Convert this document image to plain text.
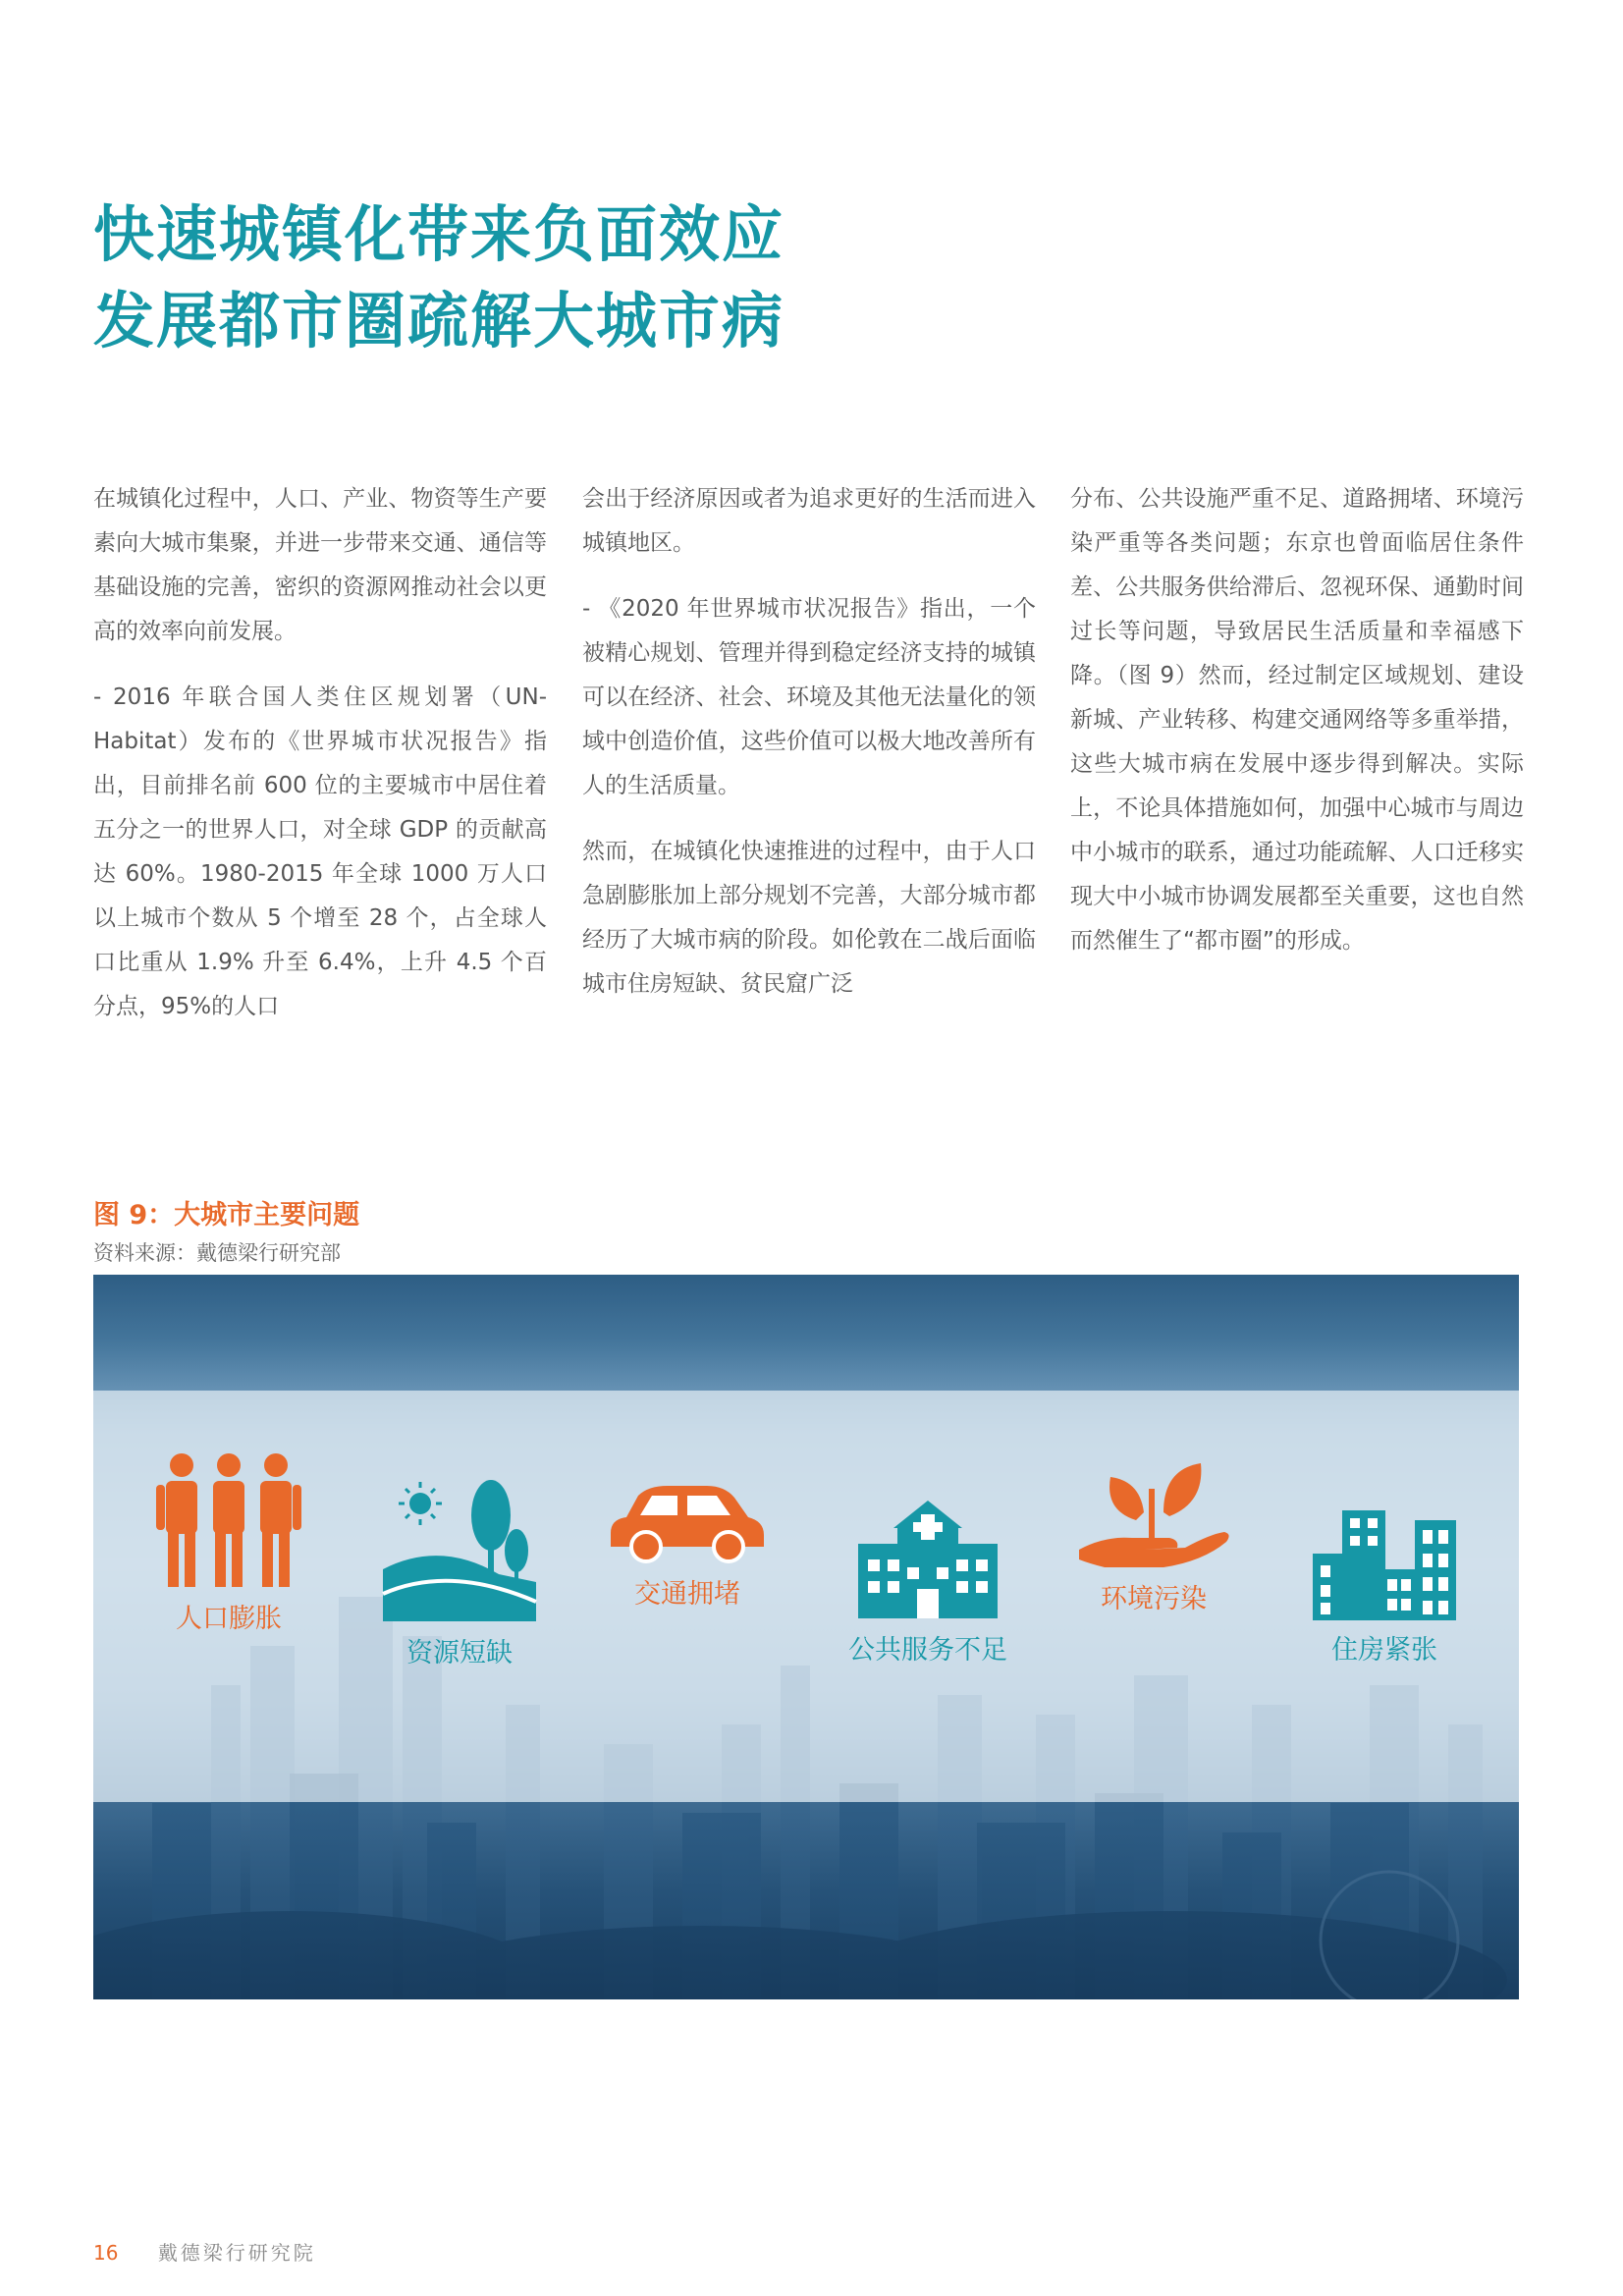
快速城镇化带来负面效应
发展都市圈疏解大城市病

在城镇化过程中，人口、产业、物资等生产要素向大城市集聚，并进一步带来交通、通信等基础设施的完善，密织的资源网推动社会以更高的效率向前发展。

- 2016 年联合国人类住区规划署（UN-Habitat）发布的《世界城市状况报告》指出，目前排名前 600 位的主要城市中居住着五分之一的世界人口，对全球 GDP 的贡献高达 60%。1980-2015 年全球 1000 万人口以上城市个数从 5 个增至 28 个，占全球人口比重从 1.9% 升至 6.4%，上升 4.5 个百分点，95%的人口

会出于经济原因或者为追求更好的生活而进入城镇地区。

- 《2020 年世界城市状况报告》指出，一个被精心规划、管理并得到稳定经济支持的城镇可以在经济、社会、环境及其他无法量化的领域中创造价值，这些价值可以极大地改善所有人的生活质量。

然而，在城镇化快速推进的过程中，由于人口急剧膨胀加上部分规划不完善，大部分城市都经历了大城市病的阶段。如伦敦在二战后面临城市住房短缺、贫民窟广泛

分布、公共设施严重不足、道路拥堵、环境污染严重等各类问题；东京也曾面临居住条件差、公共服务供给滞后、忽视环保、通勤时间过长等问题，导致居民生活质量和幸福感下降。（图 9）然而，经过制定区域规划、建设新城、产业转移、构建交通网络等多重举措，这些大城市病在发展中逐步得到解决。实际上，不论具体措施如何，加强中心城市与周边中小城市的联系，通过功能疏解、人口迁移实现大中小城市协调发展都至关重要，这也自然而然催生了“都市圈”的形成。

图 9：大城市主要问题
资料来源：戴德梁行研究部
人口膨胀
资源短缺
交通拥堵
公共服务不足
环境污染
住房紧张
16 戴德梁行研究院
